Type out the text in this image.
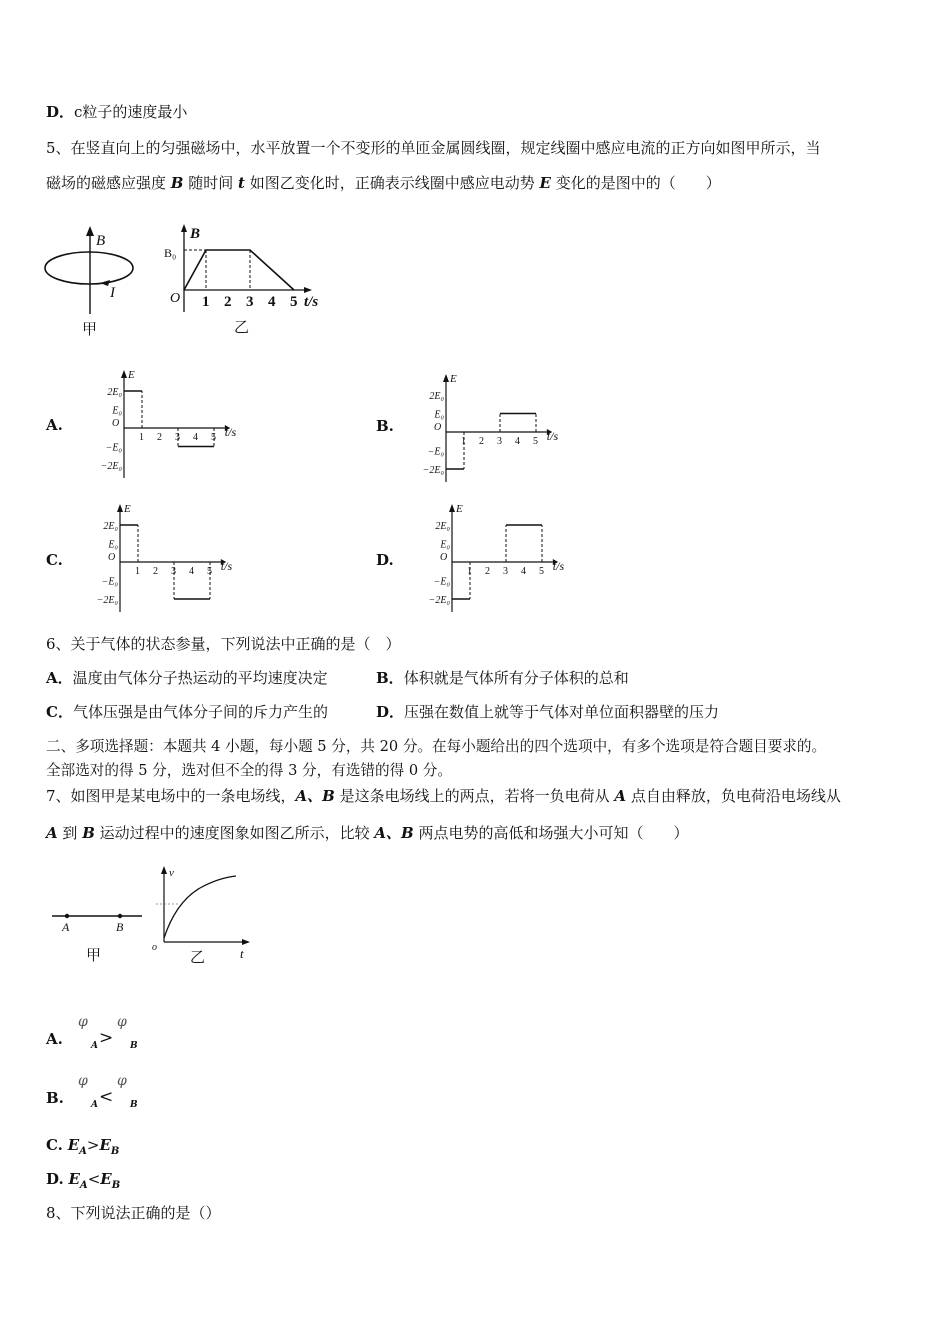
D．c粒子的速度最小
5、在竖直向上的匀强磁场中，水平放置一个不变形的单匝金属圆线圈，规定线圈中感应电流的正方向如图甲所示，当
磁场的磁感应强度 B 随时间 t 如图乙变化时，正确表示线圈中感应电动势 E 变化的是图中的（　　）
B
I
甲
B
B₀
O	t/s
乙
1 2 3 4 5
A.
E
O
t/s
2E₀
E₀
−E₀
−2E₀
1 2 3 4 5
B.
E
O
t/s
2E₀
E₀
−E₀
−2E₀
1 2 3 4 5
C.
E
O
t/s
2E₀
E₀
−E₀
−2E₀
1 2 3 4 5
D.
E
O
t/s
2E₀
E₀
−E₀
−2E₀
1 2 3 4 5
6、关于气体的状态参量，下列说法中正确的是（　）
A．温度由气体分子热运动的平均速度决定	B．体积就是气体所有分子体积的总和
C．气体压强是由气体分子间的斥力产生的	D．压强在数值上就等于气体对单位面积器壁的压力
二、多项选择题：本题共 4 小题，每小题 5 分，共 20 分。在每小题给出的四个选项中，有多个选项是符合题目要求的。
全部选对的得 5 分，选对但不全的得 3 分，有选错的得 0 分。
7、如图甲是某电场中的一条电场线，A、B 是这条电场线上的两点，若将一负电荷从 A 点自由释放，负电荷沿电场线从
A 到 B 运动过程中的速度图象如图乙所示，比较 A、B 两点电势的高低和场强大小可知（　　）
A	B
甲
v
o	t
乙
A.
φ
A >
φ
B
B.
φ
A <
φ
B
C. $E_A>E_B$
D. $E_A<E_B$
8、下列说法正确的是（）
